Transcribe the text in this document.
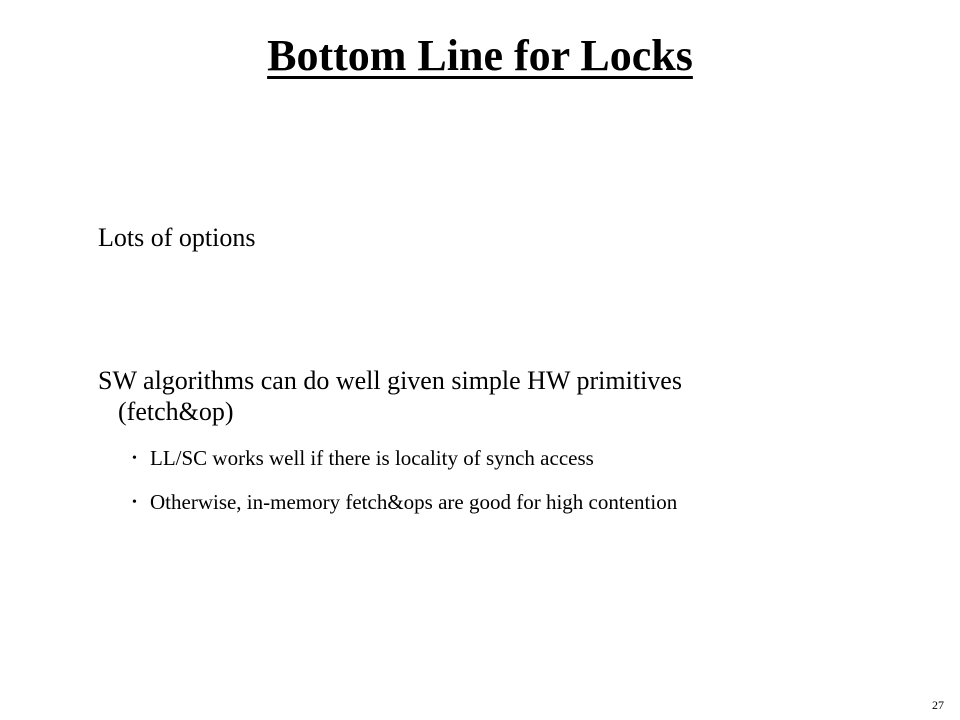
Bottom Line for Locks
Lots of options
SW algorithms can do well given simple HW primitives
(fetch&op)
• LL/SC works well if there is locality of synch access
• Otherwise, in-memory fetch&ops are good for high contention
27
